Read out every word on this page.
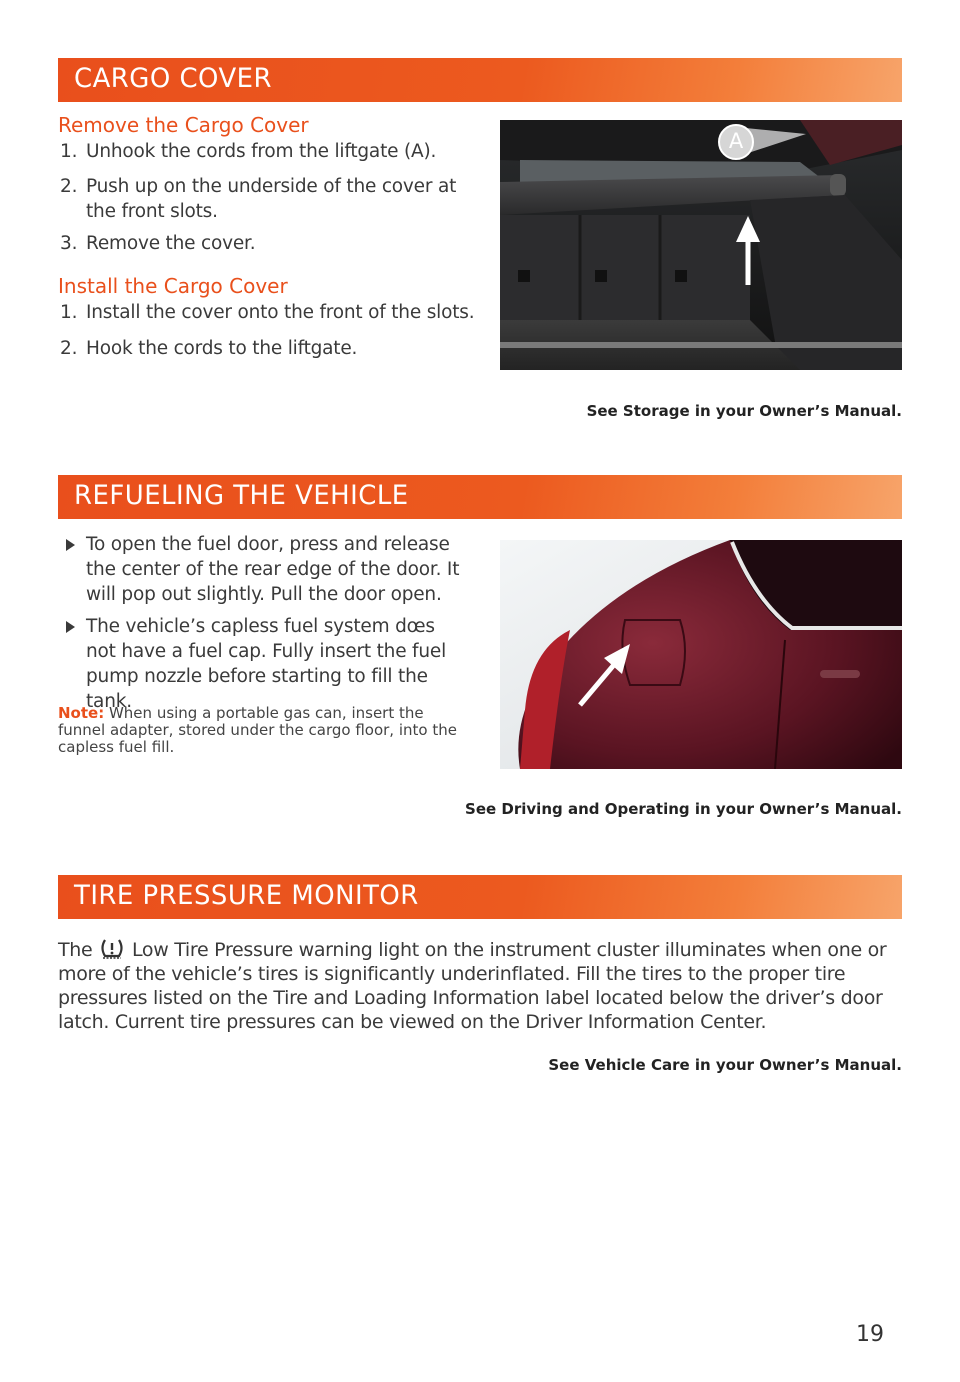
CARGO COVER
Remove the Cargo Cover
1. Unhook the cords from the liftgate (A).
2. Push up on the underside of the cover at
the front slots.
3. Remove the cover.
Install the Cargo Cover
1. Install the cover onto the front of the slots.
2. Hook the cords to the liftgate.
A
See Storage in your Owner’s Manual.
REFUELING THE VEHICLE
To open the fuel door, press and release the center of the rear edge of the door. It will pop out slightly. Pull the door open.
The vehicle’s capless fuel system dœs not have a fuel cap. Fully insert the fuel pump nozzle before starting to fill the tank.
Note: When using a portable gas can, insert the funnel adapter, stored under the cargo floor, into the capless fuel fill.
See Driving and Operating in your Owner’s Manual.
TIRE PRESSURE MONITOR
The Low Tire Pressure warning light on the instrument cluster illuminates when one or more of the vehicle’s tires is significantly underinflated. Fill the tires to the proper tire pressures listed on the Tire and Loading Information label located below the driver’s door latch. Current tire pressures can be viewed on the Driver Information Center.
See Vehicle Care in your Owner’s Manual.
19
